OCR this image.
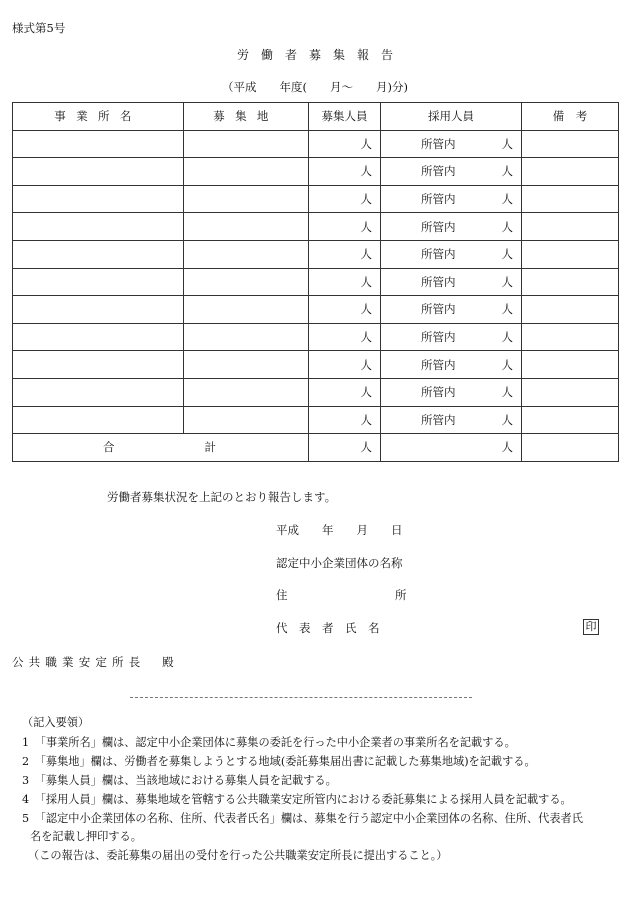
様式第5号
労　働　者　募　集　報　告
（平成　　年度(　　月～　　月)分)
事業所名	募集地	募集人員	採用人員	備　考
		人	所管内 人	

		人	所管内 人	

		人	所管内 人	

		人	所管内 人	

		人	所管内 人	

		人	所管内 人	

		人	所管内 人	

		人	所管内 人	

		人	所管内 人	

		人	所管内 人	

		人	所管内 人	

合 計		人	人	
労働者募集状況を上記のとおり報告します。
平成　　年　　月　　日
認定中小企業団体の名称
住	所
代　表　者　氏　名	印
公共職業安定所長　殿
（記入要領）
1　「事業所名」欄は、認定中小企業団体に募集の委託を行った中小企業者の事業所名を記載する。
2　「募集地」欄は、労働者を募集しようとする地域(委託募集届出書に記載した募集地域)を記載する。
3　「募集人員」欄は、当該地域における募集人員を記載する。
4　「採用人員」欄は、募集地域を管轄する公共職業安定所管内における委託募集による採用人員を記載する。
5　「認定中小企業団体の名称、住所、代表者氏名」欄は、募集を行う認定中小企業団体の名称、住所、代表者氏
名を記載し押印する。
（この報告は、委託募集の届出の受付を行った公共職業安定所長に提出すること。）
